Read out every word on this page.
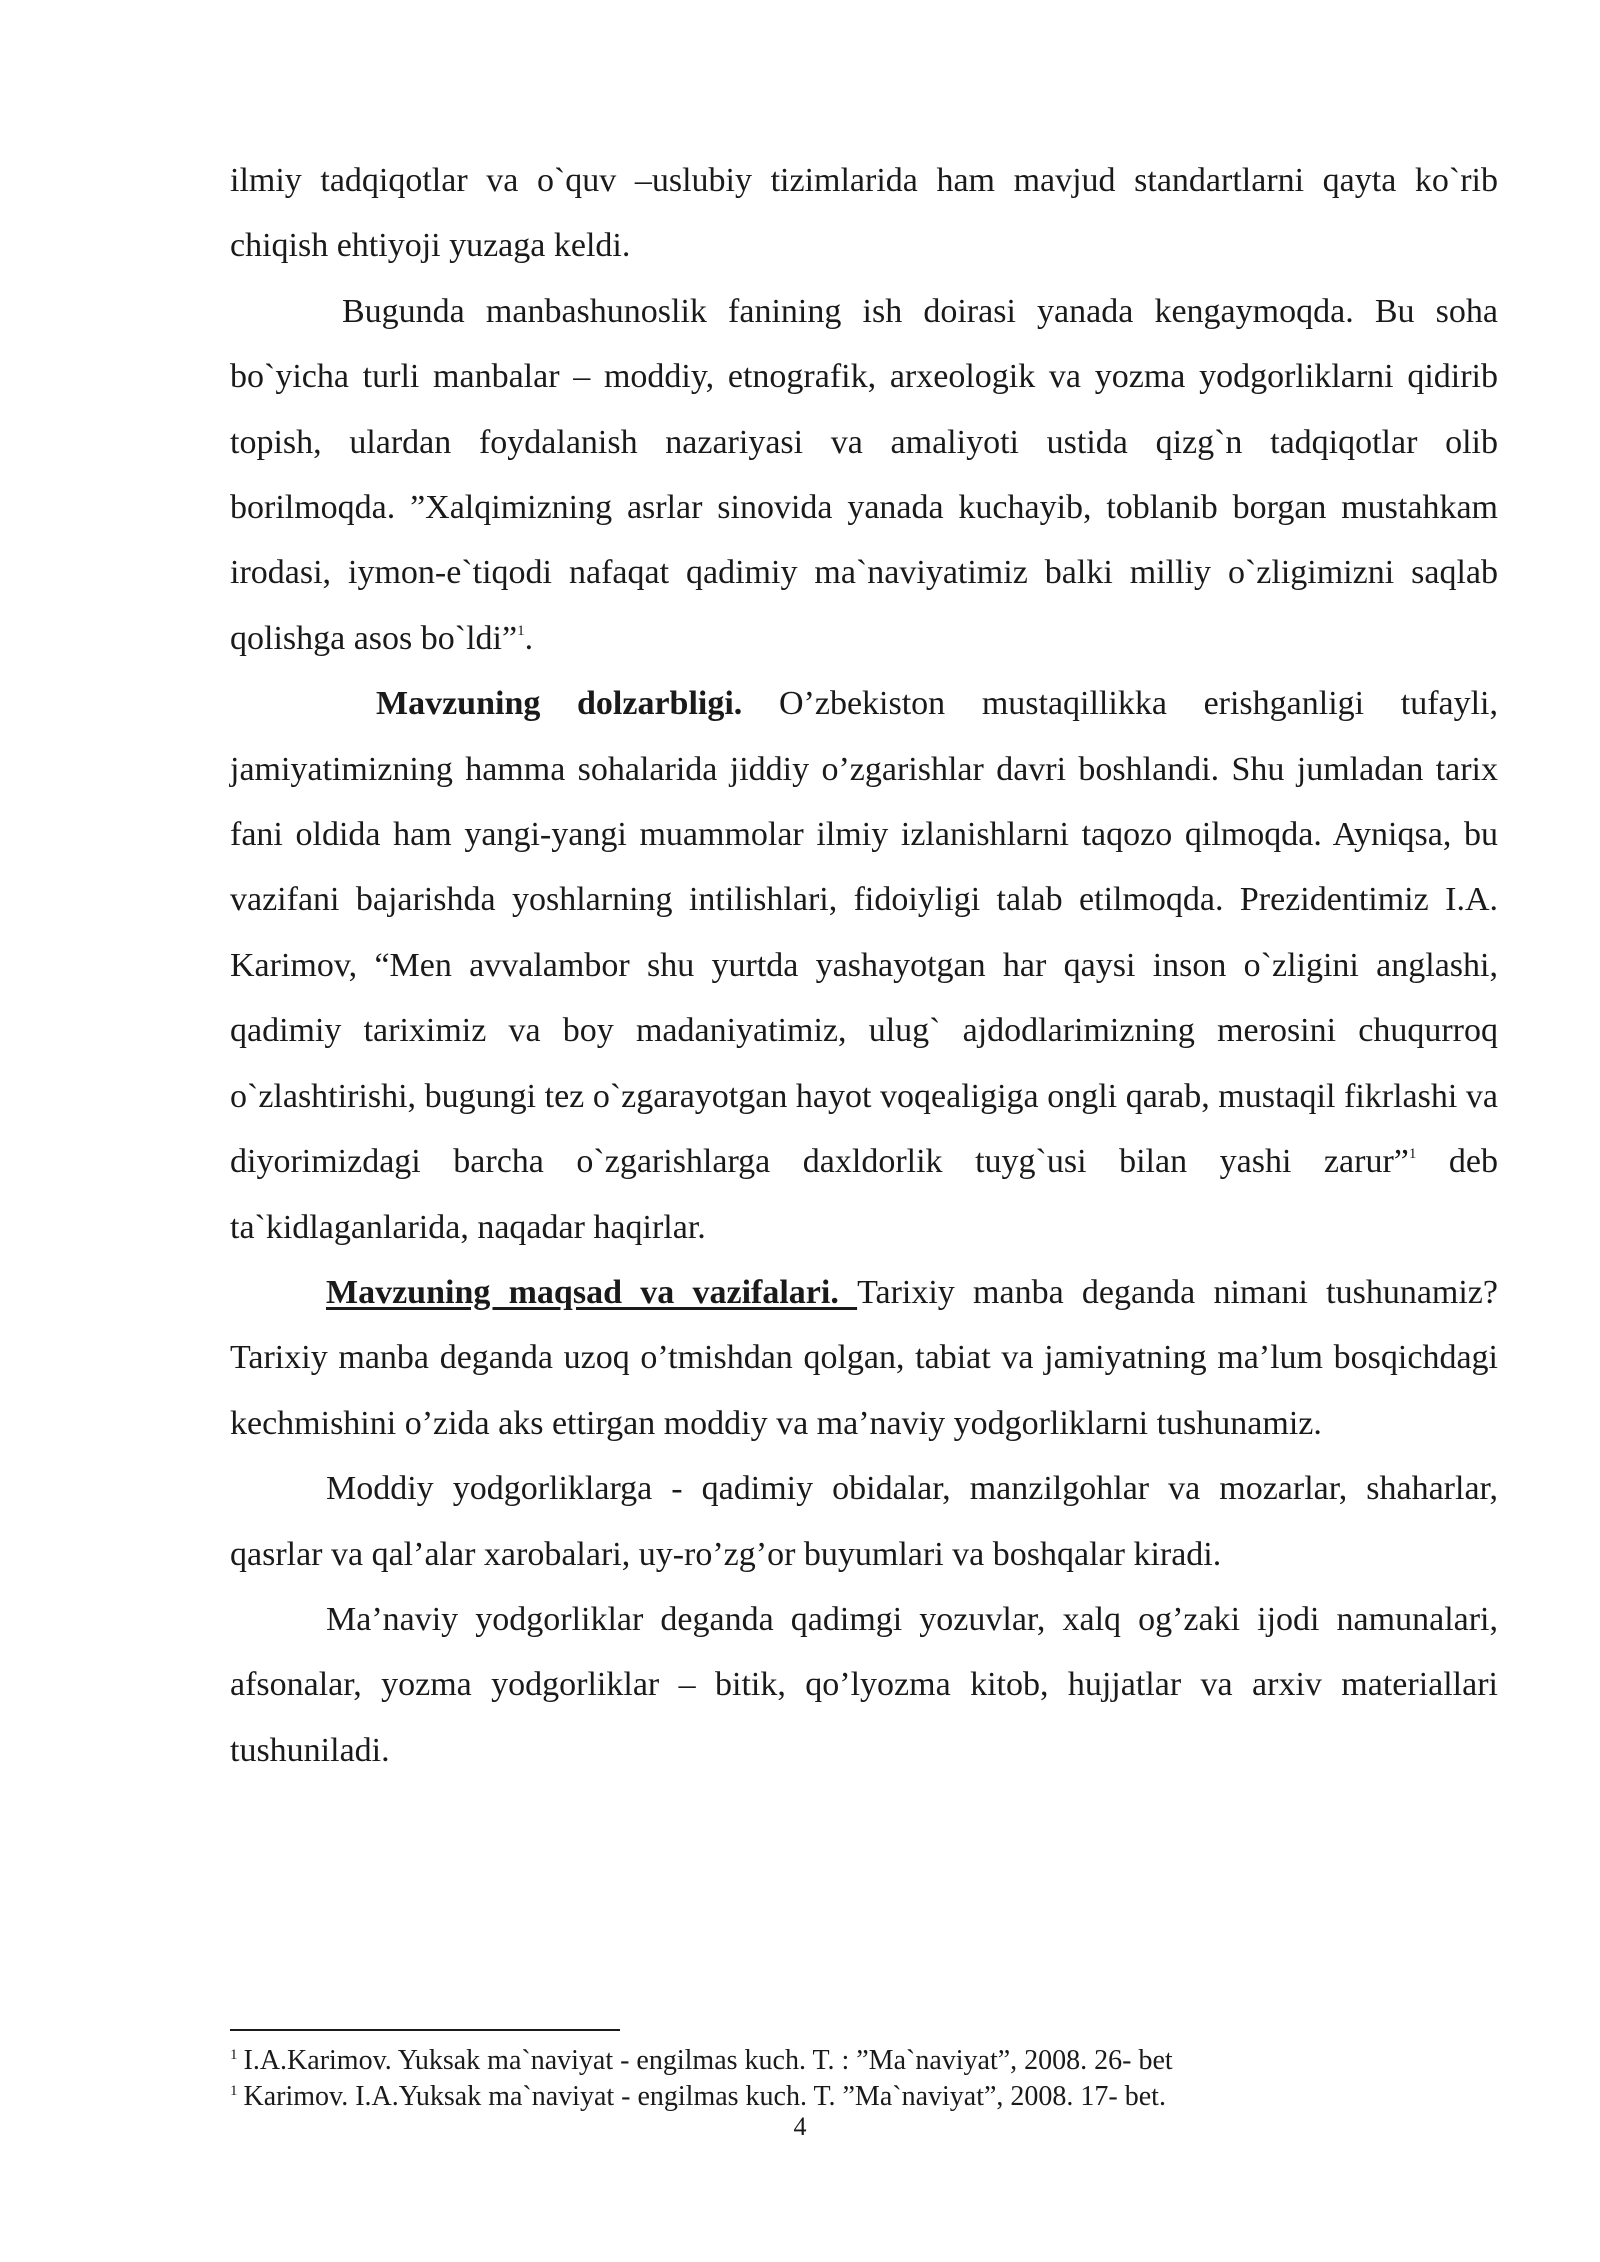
ilmiy tadqiqotlar va o`quv –uslubiy tizimlarida ham mavjud standartlarni qayta ko`rib chiqish ehtiyoji yuzaga keldi.

Bugunda manbashunoslik fanining ish doirasi yanada kengaymoqda. Bu soha bo`yicha turli manbalar – moddiy, etnografik, arxeologik va yozma yodgorliklarni qidirib topish, ulardan foydalanish nazariyasi va amaliyoti ustida qizg`n tadqiqotlar olib borilmoqda. ”Xalqimizning asrlar sinovida yanada kuchayib, toblanib borgan mustahkam irodasi, iymon-e`tiqodi nafaqat qadimiy ma`naviyatimiz balki milliy o`zligimizni saqlab qolishga asos bo`ldi”$^1$.

Mavzuning dolzarbligi. O’zbekiston mustaqillikka erishganligi tufayli, jamiyatimizning hamma sohalarida jiddiy o’zgarishlar davri boshlandi. Shu jumladan tarix fani oldida ham yangi-yangi muammolar ilmiy izlanishlarni taqozo qilmoqda. Ayniqsa, bu vazifani bajarishda yoshlarning intilishlari, fidoiyligi talab etilmoqda. Prezidentimiz I.A. Karimov, “Men avvalambor shu yurtda yashayotgan har qaysi inson o`zligini anglashi, qadimiy tariximiz va boy madaniyatimiz, ulug` ajdodlarimizning merosini chuqurroq o`zlashtirishi, bugungi tez o`zgarayotgan hayot voqealigiga ongli qarab, mustaqil fikrlashi va diyorimizdagi barcha o`zgarishlarga daxldorlik tuyg`usi bilan yashi zarur”$^1$ deb ta`kidlaganlarida, naqadar haqirlar.

Mavzuning maqsad va vazifalari. Tarixiy manba deganda nimani tushunamiz? Tarixiy manba deganda uzoq o’tmishdan qolgan, tabiat va jamiyatning ma’lum bosqichdagi kechmishini o’zida aks ettirgan moddiy va ma’naviy yodgorliklarni tushunamiz.

Moddiy yodgorliklarga - qadimiy obidalar, manzilgohlar va mozarlar, shaharlar, qasrlar va qal’alar xarobalari, uy-ro’zg’or buyumlari va boshqalar kiradi.

Ma’naviy yodgorliklar deganda qadimgi yozuvlar, xalq og’zaki ijodi namunalari, afsonalar, yozma yodgorliklar – bitik, qo’lyozma kitob, hujjatlar va arxiv materiallari tushuniladi.

$^1$ I.A.Karimov. Yuksak ma`naviyat - engilmas kuch. T. : ”Ma`naviyat”, 2008. 26- bet

$^1$ Karimov. I.A.Yuksak ma`naviyat - engilmas kuch. T. ”Ma`naviyat”, 2008. 17- bet.

4
